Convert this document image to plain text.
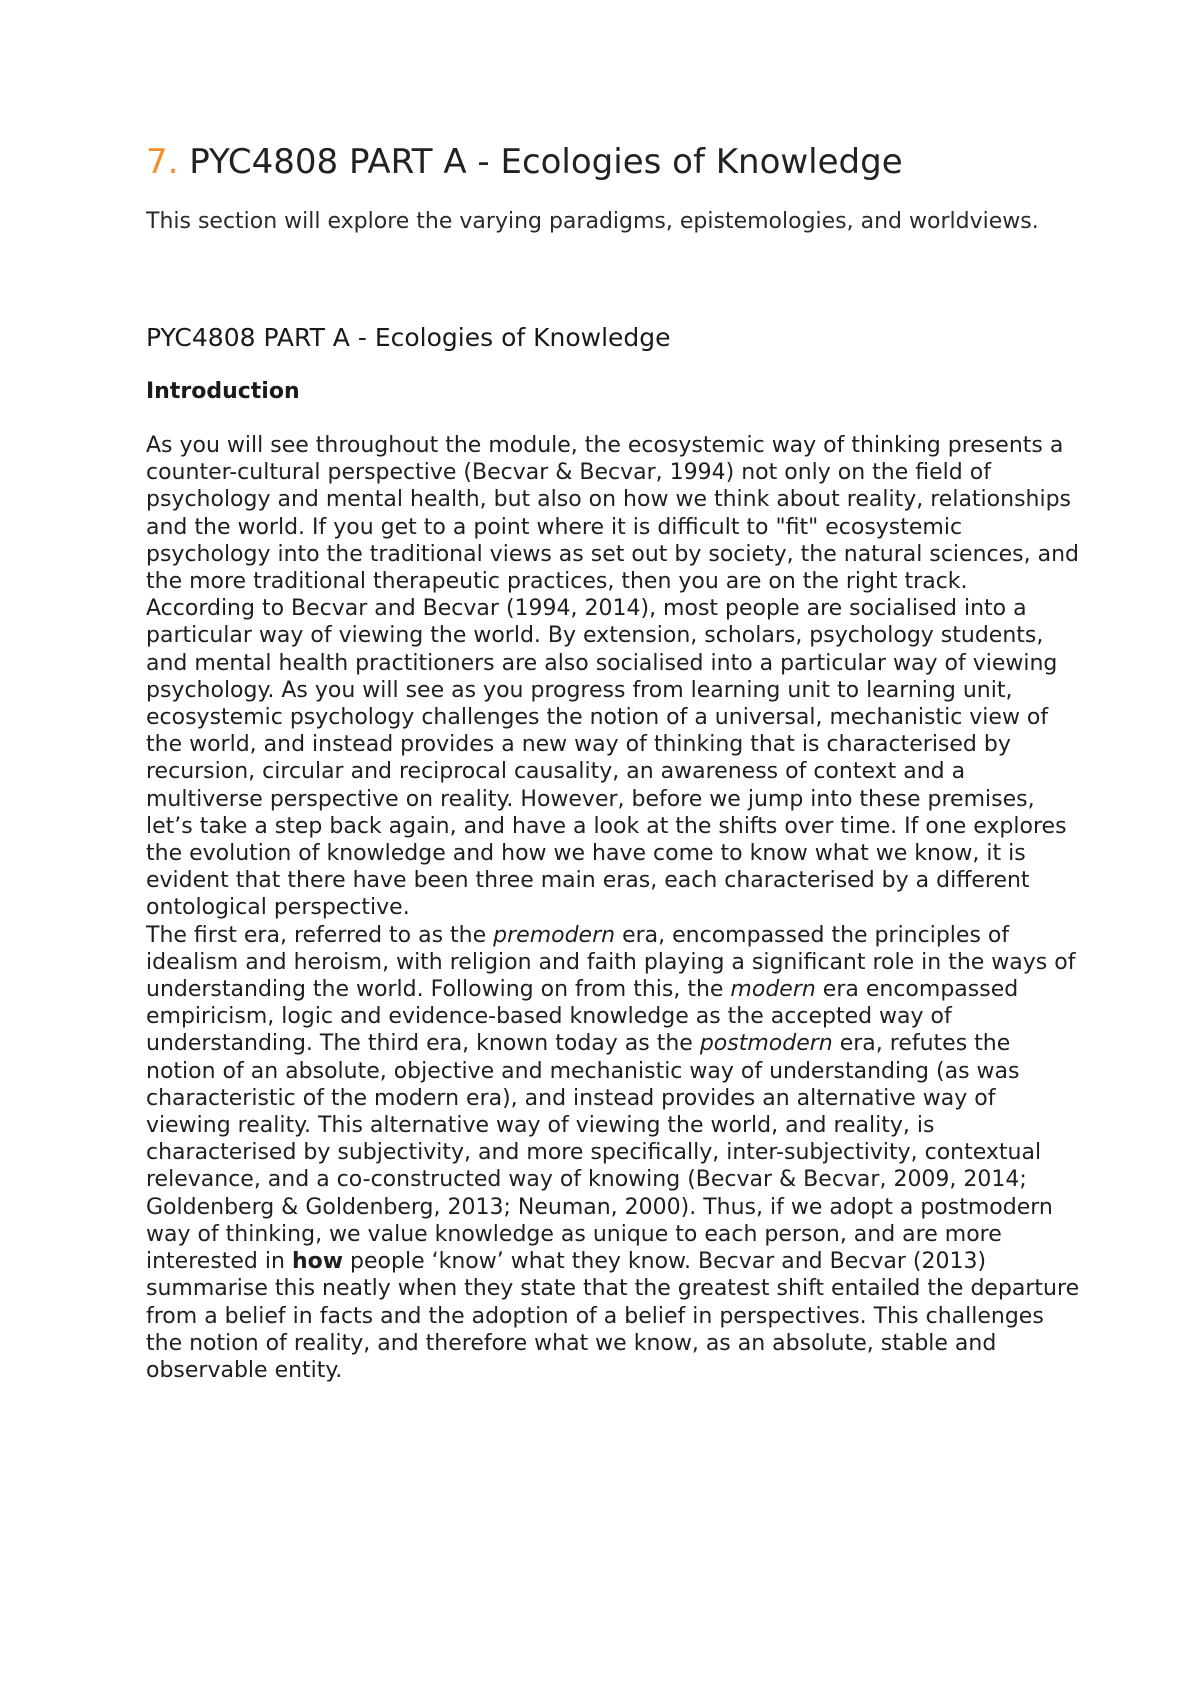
7. PYC4808 PART A - Ecologies of Knowledge

This section will explore the varying paradigms, epistemologies, and worldviews.

PYC4808 PART A - Ecologies of Knowledge
Introduction

As you will see throughout the module, the ecosystemic way of thinking presents a counter-cultural perspective (Becvar & Becvar, 1994) not only on the field of psychology and mental health, but also on how we think about reality, relationships and the world. If you get to a point where it is difficult to "fit" ecosystemic psychology into the traditional views as set out by society, the natural sciences, and the more traditional therapeutic practices, then you are on the right track. According to Becvar and Becvar (1994, 2014), most people are socialised into a particular way of viewing the world. By extension, scholars, psychology students, and mental health practitioners are also socialised into a particular way of viewing psychology. As you will see as you progress from learning unit to learning unit, ecosystemic psychology challenges the notion of a universal, mechanistic view of the world, and instead provides a new way of thinking that is characterised by recursion, circular and reciprocal causality, an awareness of context and a multiverse perspective on reality. However, before we jump into these premises, let’s take a step back again, and have a look at the shifts over time. If one explores the evolution of knowledge and how we have come to know what we know, it is evident that there have been three main eras, each characterised by a different ontological perspective.

The first era, referred to as the premodern era, encompassed the principles of idealism and heroism, with religion and faith playing a significant role in the ways of understanding the world. Following on from this, the modern era encompassed empiricism, logic and evidence-based knowledge as the accepted way of understanding. The third era, known today as the postmodern era, refutes the notion of an absolute, objective and mechanistic way of understanding (as was characteristic of the modern era), and instead provides an alternative way of viewing reality. This alternative way of viewing the world, and reality, is characterised by subjectivity, and more specifically, inter-subjectivity, contextual relevance, and a co-constructed way of knowing (Becvar & Becvar, 2009, 2014; Goldenberg & Goldenberg, 2013; Neuman, 2000). Thus, if we adopt a postmodern way of thinking, we value knowledge as unique to each person, and are more interested in how people ‘know’ what they know. Becvar and Becvar (2013) summarise this neatly when they state that the greatest shift entailed the departure from a belief in facts and the adoption of a belief in perspectives. This challenges the notion of reality, and therefore what we know, as an absolute, stable and observable entity.
